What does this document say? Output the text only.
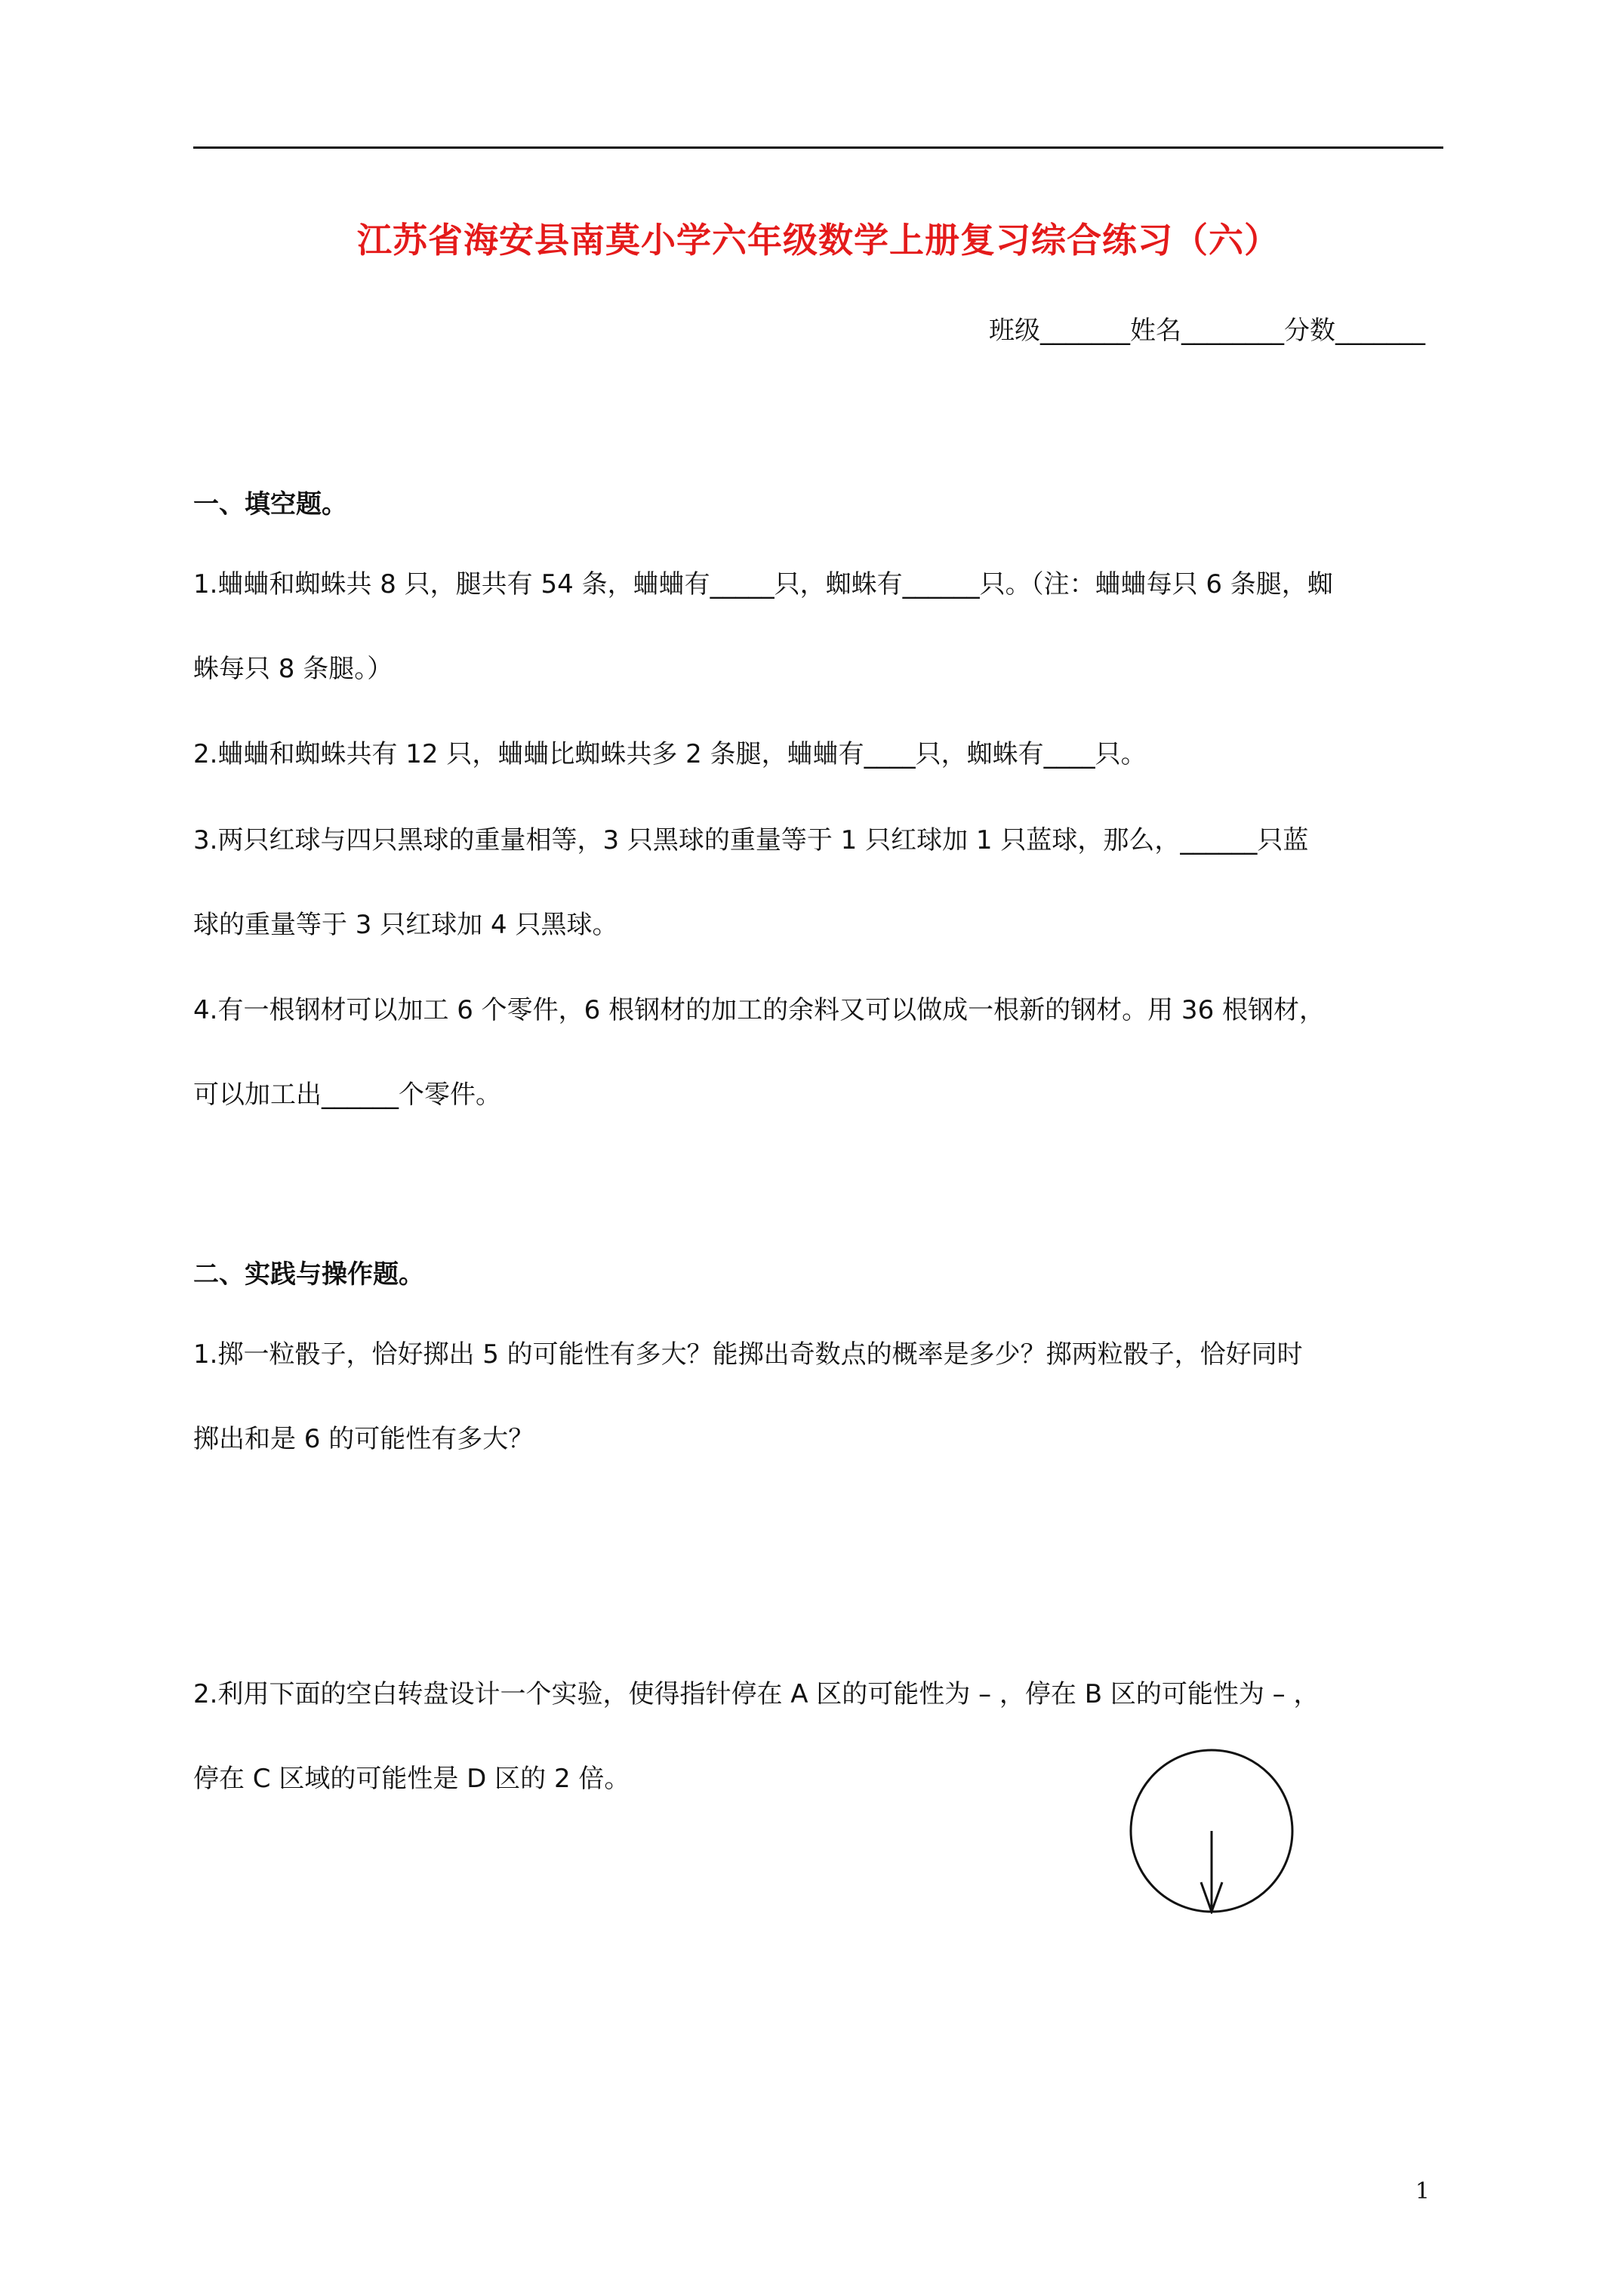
江苏省海安县南莫小学六年级数学上册复习综合练习（六）
班级_______姓名________分数_______
一、填空题。

1.蛐蛐和蜘蛛共 8 只，腿共有 54 条，蛐蛐有_____只，蜘蛛有______只。（注：蛐蛐每只 6 条腿，蜘

蛛每只 8 条腿。）

2.蛐蛐和蜘蛛共有 12 只，蛐蛐比蜘蛛共多 2 条腿，蛐蛐有____只，蜘蛛有____只。

3.两只红球与四只黑球的重量相等，3 只黑球的重量等于 1 只红球加 1 只蓝球，那么，______只蓝

球的重量等于 3 只红球加 4 只黑球。

4.有一根钢材可以加工 6 个零件，6 根钢材的加工的余料又可以做成一根新的钢材。用 36 根钢材，

可以加工出______个零件。

二、实践与操作题。

1.掷一粒骰子，恰好掷出 5 的可能性有多大？能掷出奇数点的概率是多少？掷两粒骰子，恰好同时

掷出和是 6 的可能性有多大？

2.利用下面的空白转盘设计一个实验，使得指针停在 A 区的可能性为 – ，停在 B 区的可能性为 – ，

停在 C 区域的可能性是 D 区的 2 倍。

1
